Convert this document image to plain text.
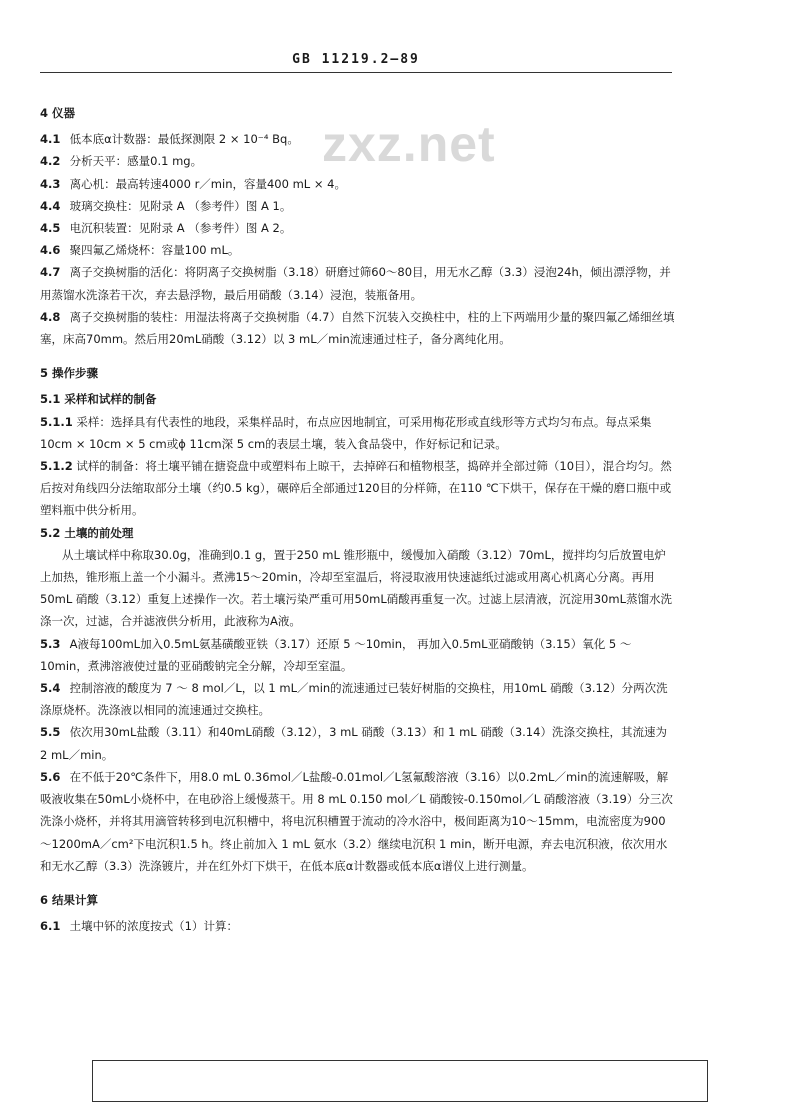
GB 11219.2—89
zxz.net

4 仪器

4.1 低本底α计数器：最低探测限 2 × 10⁻⁴ Bq。

4.2 分析天平：感量0.1 mg。

4.3 离心机：最高转速4000 r／min，容量400 mL × 4。

4.4 玻璃交换柱：见附录 A （参考件）图 A 1。

4.5 电沉积装置：见附录 A （参考件）图 A 2。

4.6 聚四氟乙烯烧杯：容量100 mL。

4.7 离子交换树脂的活化：将阴离子交换树脂（3.18）研磨过筛60～80目，用无水乙醇（3.3）浸泡24h，倾出漂浮物，并用蒸馏水洗涤若干次，弃去悬浮物，最后用硝酸（3.14）浸泡，装瓶备用。

4.8 离子交换树脂的装柱：用湿法将离子交换树脂（4.7）自然下沉装入交换柱中，柱的上下两端用少量的聚四氟乙烯细丝填塞，床高70mm。然后用20mL硝酸（3.12）以 3 mL／min流速通过柱子，备分离纯化用。

5 操作步骤

5.1 采样和试样的制备

5.1.1 采样：选择具有代表性的地段，采集样品时，布点应因地制宜，可采用梅花形或直线形等方式均匀布点。每点采集10cm × 10cm × 5 cm或ϕ 11cm深 5 cm的表层土壤，装入食品袋中，作好标记和记录。

5.1.2 试样的制备：将土壤平铺在搪瓷盘中或塑料布上晾干，去掉碎石和植物根茎，捣碎并全部过筛（10目），混合均匀。然后按对角线四分法缩取部分土壤（约0.5 kg），碾碎后全部通过120目的分样筛，在110 ℃下烘干，保存在干燥的磨口瓶中或塑料瓶中供分析用。

5.2 土壤的前处理

从土壤试样中称取30.0g，准确到0.1 g，置于250 mL 锥形瓶中，缓慢加入硝酸（3.12）70mL，搅拌均匀后放置电炉上加热，锥形瓶上盖一个小漏斗。煮沸15～20min，冷却至室温后，将浸取液用快速滤纸过滤或用离心机离心分离。再用50mL 硝酸（3.12）重复上述操作一次。若土壤污染严重可用50mL硝酸再重复一次。过滤上层清液，沉淀用30mL蒸馏水洗涤一次，过滤，合并滤液供分析用，此液称为A液。

5.3 A液每100mL加入0.5mL氨基磺酸亚铁（3.17）还原 5 ～10min， 再加入0.5mL亚硝酸钠（3.15）氧化 5 ～10min，煮沸溶液使过量的亚硝酸钠完全分解，冷却至室温。

5.4 控制溶液的酸度为 7 ～ 8 mol／L，以 1 mL／min的流速通过已装好树脂的交换柱，用10mL 硝酸（3.12）分两次洗涤原烧杯。洗涤液以相同的流速通过交换柱。

5.5 依次用30mL盐酸（3.11）和40mL硝酸（3.12），3 mL 硝酸（3.13）和 1 mL 硝酸（3.14）洗涤交换柱，其流速为 2 mL／min。

5.6 在不低于20℃条件下，用8.0 mL 0.36mol／L盐酸-0.01mol／L氢氟酸溶液（3.16）以0.2mL／min的流速解吸，解吸液收集在50mL小烧杯中，在电砂浴上缓慢蒸干。用 8 mL 0.150 mol／L 硝酸铵-0.150mol／L 硝酸溶液（3.19）分三次洗涤小烧杯，并将其用滴管转移到电沉积槽中，将电沉积槽置于流动的冷水浴中，极间距离为10～15mm，电流密度为900～1200mA／cm²下电沉积1.5 h。终止前加入 1 mL 氨水（3.2）继续电沉积 1 min，断开电源，弃去电沉积液，依次用水和无水乙醇（3.3）洗涤镀片，并在红外灯下烘干，在低本底α计数器或低本底α谱仪上进行测量。

6 结果计算

6.1 土壤中钚的浓度按式（1）计算：
